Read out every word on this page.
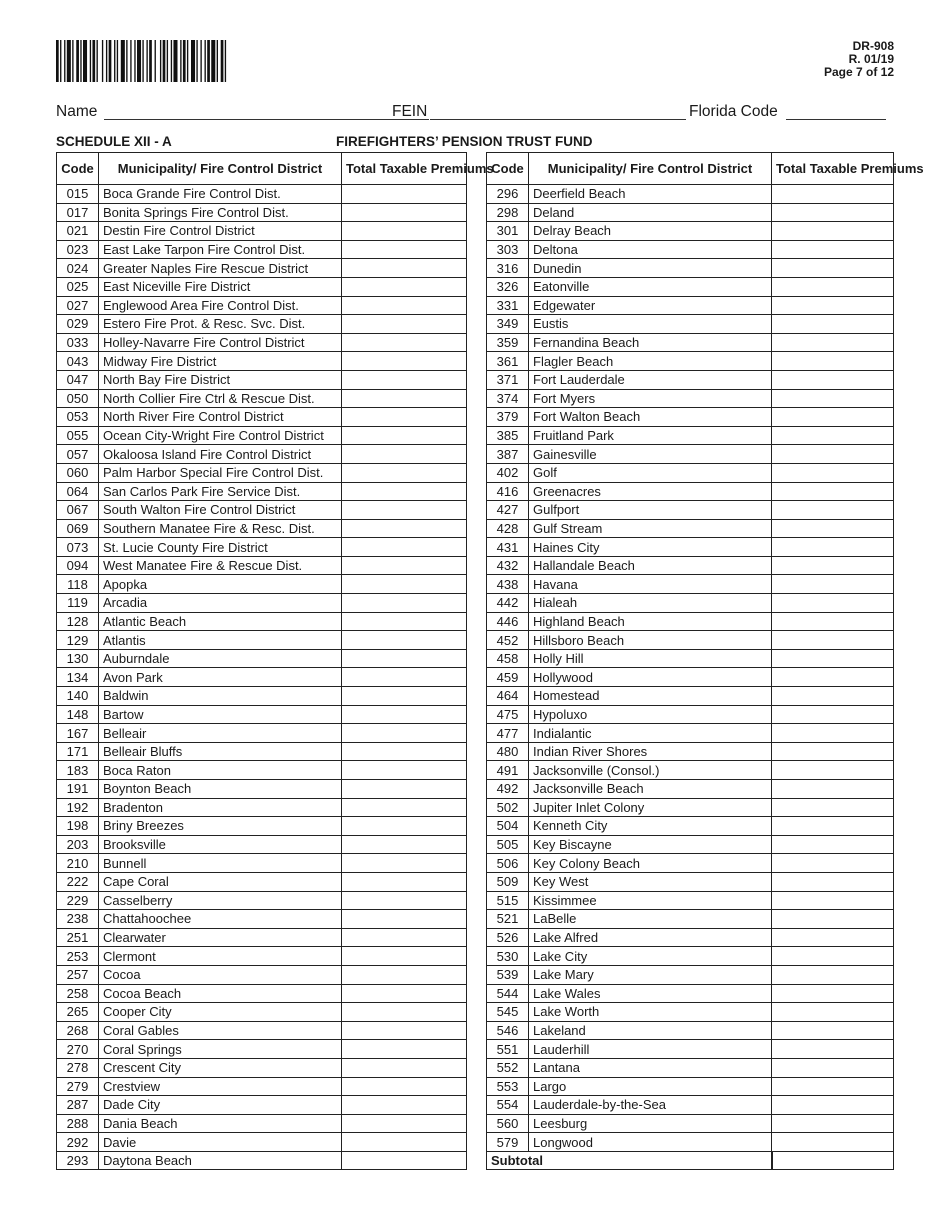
DR-908
R. 01/19
Page 7 of 12
Name	FEIN	Florida Code
SCHEDULE XII - A	FIREFIGHTERS’ PENSION TRUST FUND
Code	Municipality/ Fire Control District	Total Taxable Premiums
015	Boca Grande Fire Control Dist.	
017	Bonita Springs Fire Control Dist.	
021	Destin Fire Control District	
023	East Lake Tarpon Fire Control Dist.	
024	Greater Naples Fire Rescue District	
025	East Niceville Fire District	
027	Englewood Area Fire Control Dist.	
029	Estero Fire Prot. & Resc. Svc. Dist.	
033	Holley-Navarre Fire Control District	
043	Midway Fire District	
047	North Bay Fire District	
050	North Collier Fire Ctrl & Rescue Dist.	
053	North River Fire Control District	
055	Ocean City-Wright Fire Control District	
057	Okaloosa Island Fire Control District	
060	Palm Harbor Special Fire Control Dist.	
064	San Carlos Park Fire Service Dist.	
067	South Walton Fire Control District	
069	Southern Manatee Fire & Resc. Dist.	
073	St. Lucie County Fire District	
094	West Manatee Fire & Rescue Dist.	
118	Apopka	
119	Arcadia	
128	Atlantic Beach	
129	Atlantis	
130	Auburndale	
134	Avon Park	
140	Baldwin	
148	Bartow	
167	Belleair	
171	Belleair Bluffs	
183	Boca Raton	
191	Boynton Beach	
192	Bradenton	
198	Briny Breezes	
203	Brooksville	
210	Bunnell	
222	Cape Coral	
229	Casselberry	
238	Chattahoochee	
251	Clearwater	
253	Clermont	
257	Cocoa	
258	Cocoa Beach	
265	Cooper City	
268	Coral Gables	
270	Coral Springs	
278	Crescent City	
279	Crestview	
287	Dade City	
288	Dania Beach	
292	Davie	
293	Daytona Beach	
Code	Municipality/ Fire Control District	Total Taxable Premiums
296	Deerfield Beach	
298	Deland	
301	Delray Beach	
303	Deltona	
316	Dunedin	
326	Eatonville	
331	Edgewater	
349	Eustis	
359	Fernandina Beach	
361	Flagler Beach	
371	Fort Lauderdale	
374	Fort Myers	
379	Fort Walton Beach	
385	Fruitland Park	
387	Gainesville	
402	Golf	
416	Greenacres	
427	Gulfport	
428	Gulf Stream	
431	Haines City	
432	Hallandale Beach	
438	Havana	
442	Hialeah	
446	Highland Beach	
452	Hillsboro Beach	
458	Holly Hill	
459	Hollywood	
464	Homestead	
475	Hypoluxo	
477	Indialantic	
480	Indian River Shores	
491	Jacksonville (Consol.)	
492	Jacksonville Beach	
502	Jupiter Inlet Colony	
504	Kenneth City	
505	Key Biscayne	
506	Key Colony Beach	
509	Key West	
515	Kissimmee	
521	LaBelle	
526	Lake Alfred	
530	Lake City	
539	Lake Mary	
544	Lake Wales	
545	Lake Worth	
546	Lakeland	
551	Lauderhill	
552	Lantana	
553	Largo	
554	Lauderdale-by-the-Sea	
560	Leesburg	
579	Longwood	
Subtotal		
